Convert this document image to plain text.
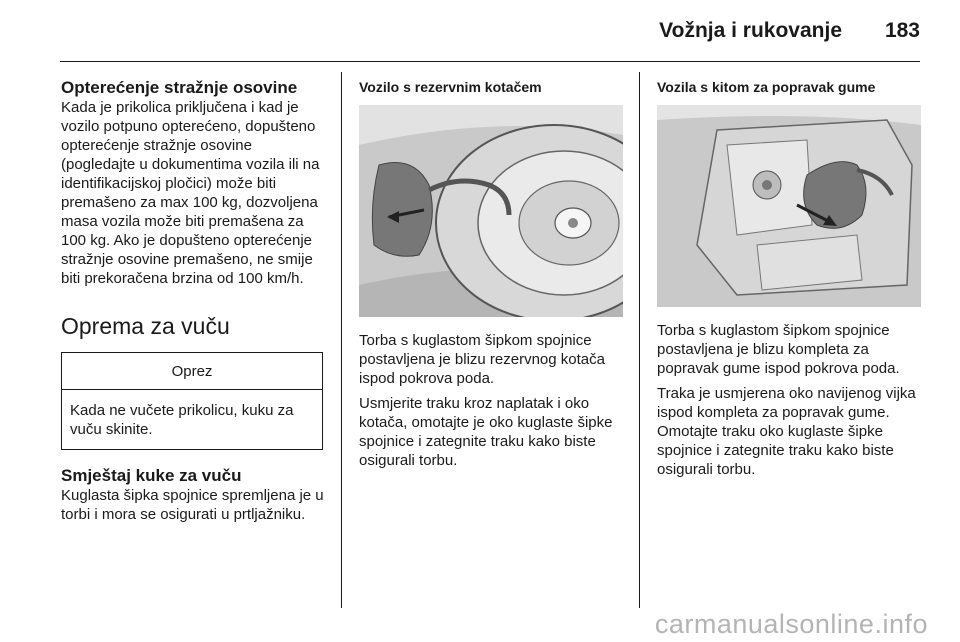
Vožnja i rukovanje 183
Opterećenje stražnje osovine
Kada je prikolica priključena i kad je vozilo potpuno opterećeno, dopušteno opterećenje stražnje osovine (pogledajte u dokumentima vozila ili na identifikacijskoj pločici) može biti premašeno za max 100 kg, dozvoljena masa vozila može biti premašena za 100 kg. Ako je dopušteno opterećenje stražnje osovine premašeno, ne smije biti prekoračena brzina od 100 km/h.
Oprema za vuču
Oprez
Kada ne vučete prikolicu, kuku za vuču skinite.
Smještaj kuke za vuču
Kuglasta šipka spojnice spremljena je u torbi i mora se osigurati u prtljažniku.
Vozilo s rezervnim kotačem
Torba s kuglastom šipkom spojnice postavljena je blizu rezervnog kotača ispod pokrova poda.
Usmjerite traku kroz naplatak i oko kotača, omotajte je oko kuglaste šipke spojnice i zategnite traku kako biste osigurali torbu.
Vozila s kitom za popravak gume
Torba s kuglastom šipkom spojnice postavljena je blizu kompleta za popravak gume ispod pokrova poda.
Traka je usmjerena oko navijenog vijka ispod kompleta za popravak gume. Omotajte traku oko kuglaste šipke spojnice i zategnite traku kako biste osigurali torbu.
carmanualsonline.info
